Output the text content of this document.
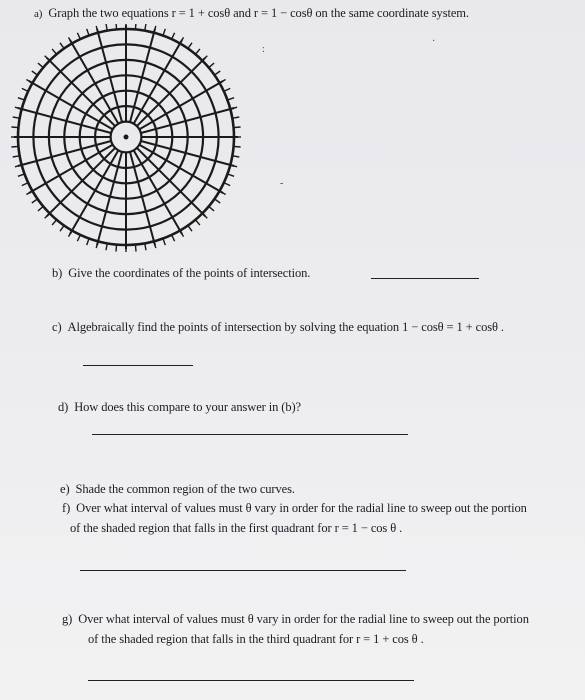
a) Graph the two equations r = 1 + cosθ and r = 1 − cosθ on the same coordinate system.
:
·
-
b) Give the coordinates of the points of intersection.
c) Algebraically find the points of intersection by solving the equation 1 − cosθ = 1 + cosθ .
d) How does this compare to your answer in (b)?
e) Shade the common region of the two curves.
f) Over what interval of values must θ vary in order for the radial line to sweep out the portion
of the shaded region that falls in the first quadrant for r = 1 − cos θ .
g) Over what interval of values must θ vary in order for the radial line to sweep out the portion
of the shaded region that falls in the third quadrant for r = 1 + cos θ .
